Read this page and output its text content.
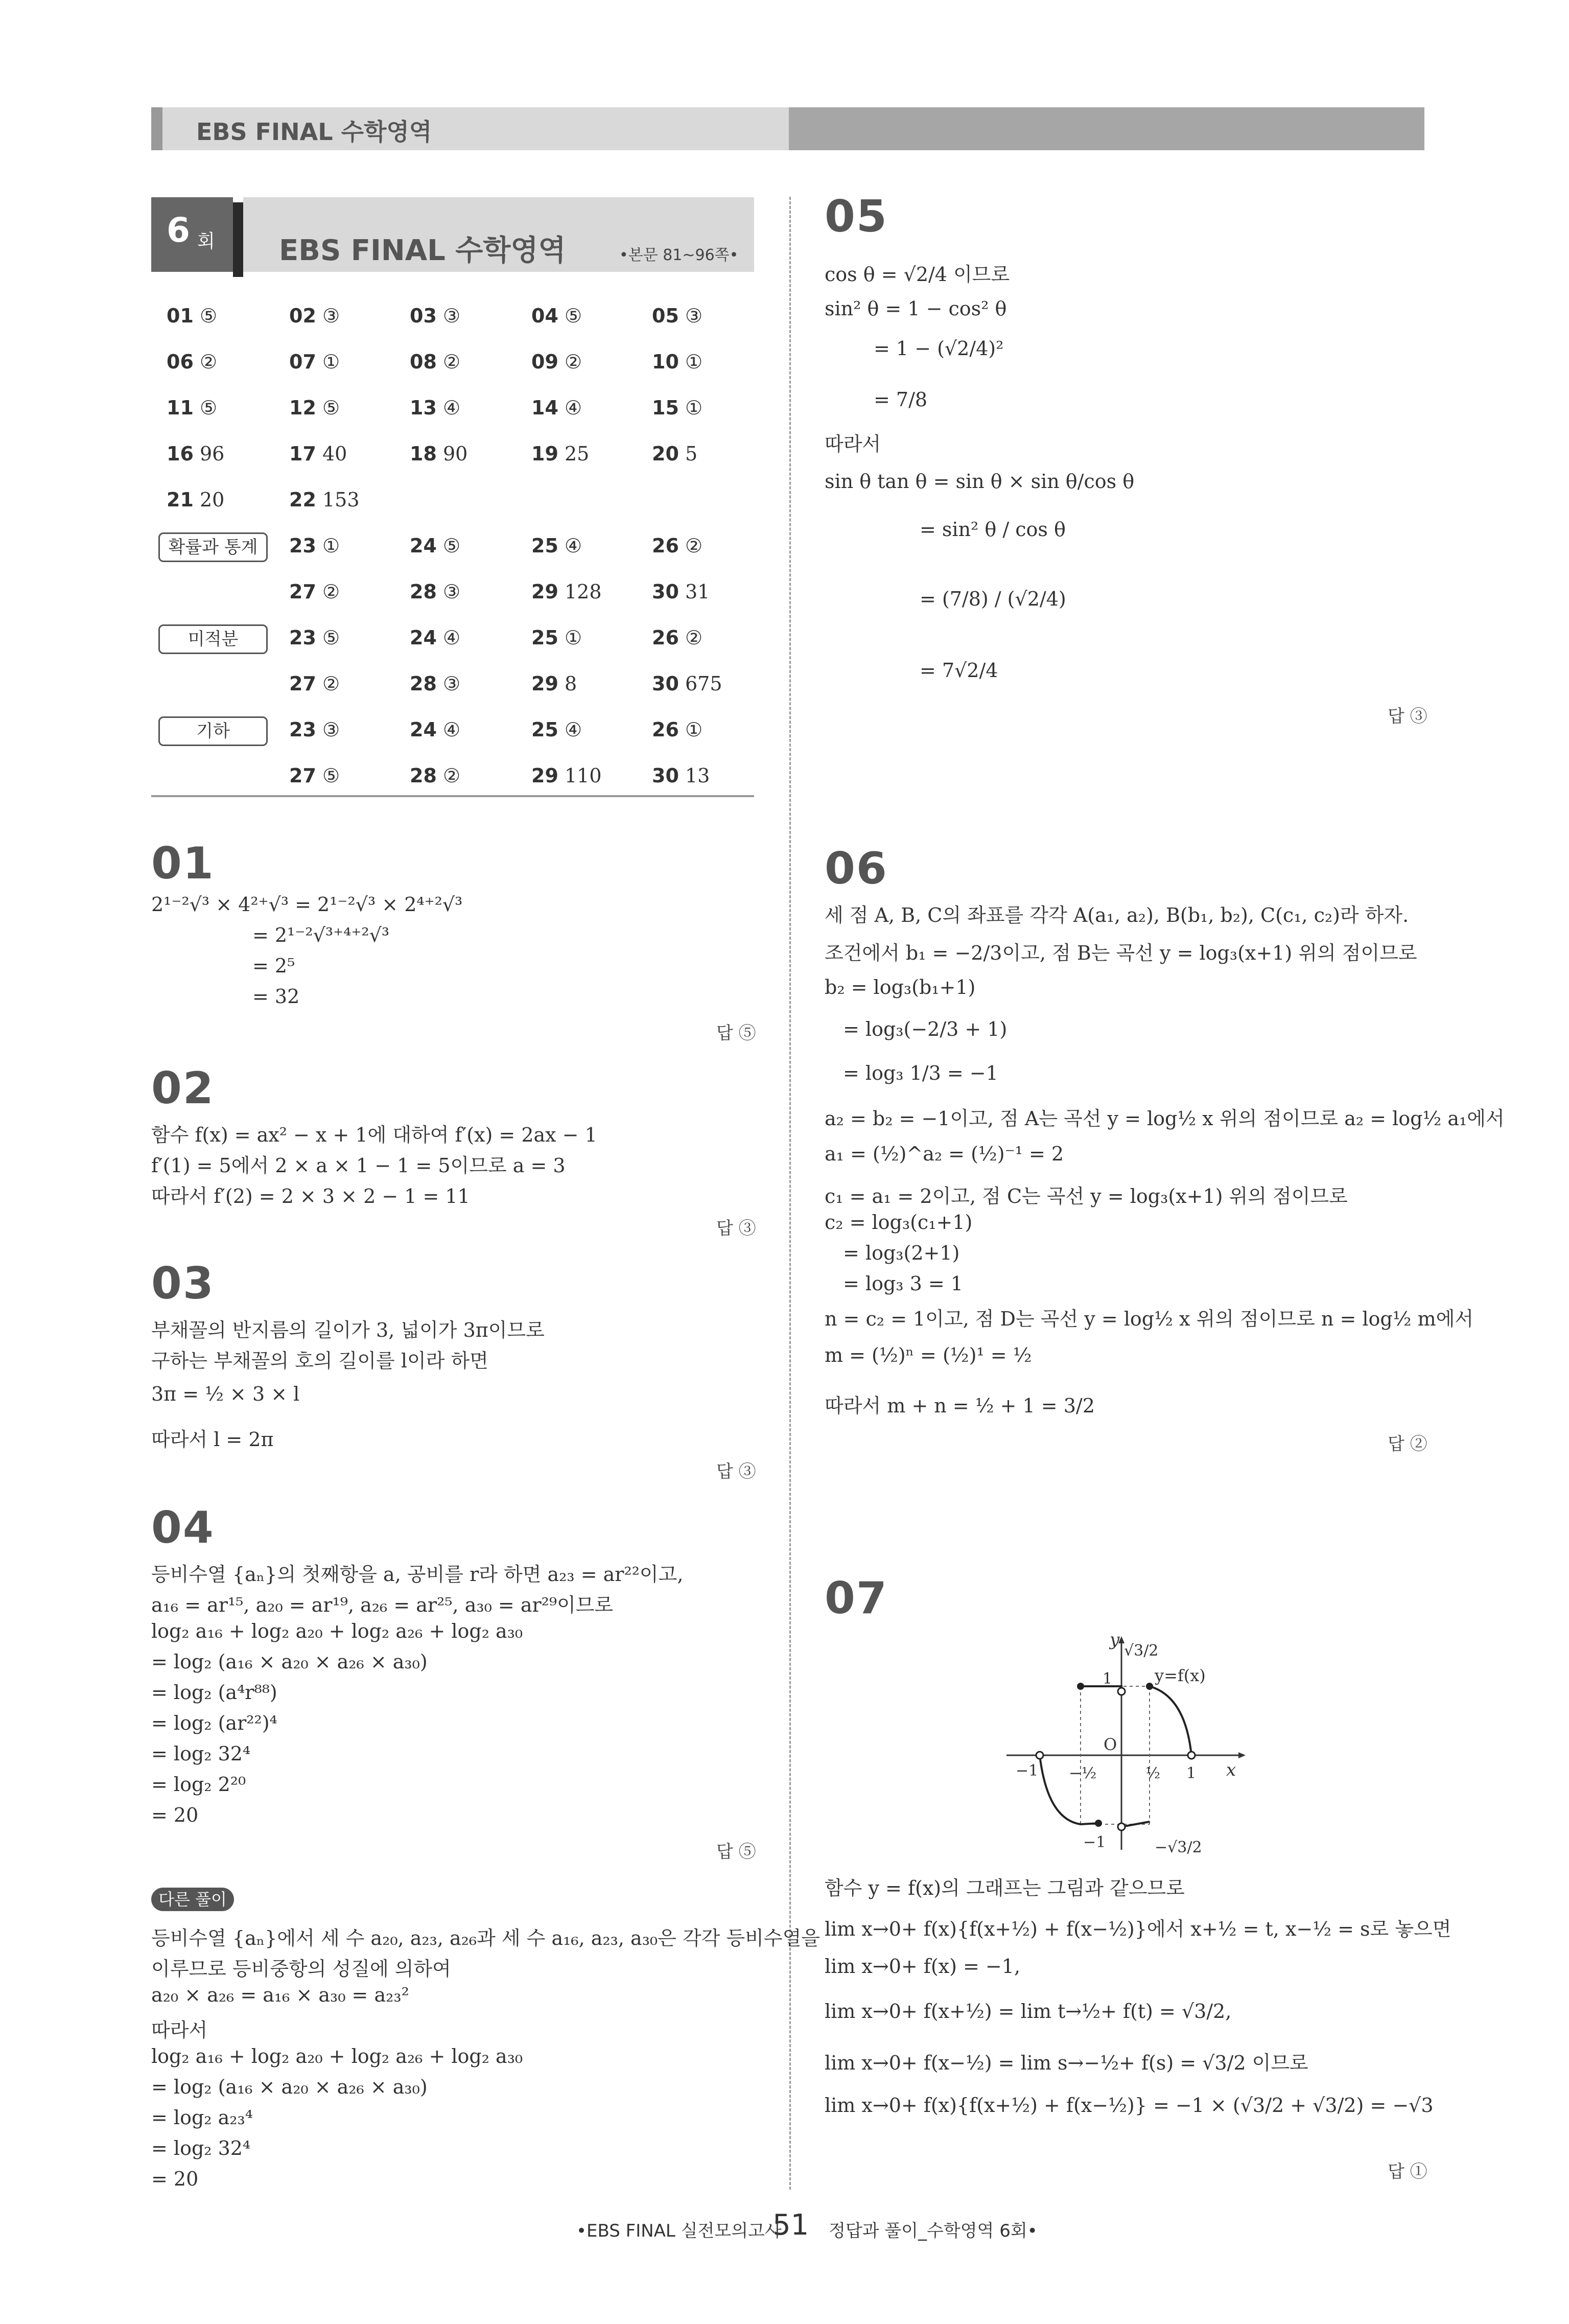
EBS FINAL 수학영역
6 회 EBS FINAL 수학영역	•본문 81~96쪽•
01 ⑤	02 ③	03 ③	04 ⑤	05 ③
06 ②	07 ①	08 ②	09 ②	10 ①
11 ⑤	12 ⑤	13 ④	14 ④	15 ①
16 96	17 40	18 90	19 25	20 5
21 20	22 153
확률과 통계	23 ①	24 ⑤	25 ④	26 ②
27 ②	28 ③	29 128	30 31
미적분	23 ⑤	24 ④	25 ①	26 ②
27 ②	28 ③	29 8	30 675
기하	23 ③	24 ④	25 ④	26 ①
27 ⑤	28 ②	29 110	30 13
01
2¹⁻²√³ × 4²⁺√³ = 2¹⁻²√³ × 2⁴⁺²√³
= 2¹⁻²√³⁺⁴⁺²√³
= 2⁵
= 32
답 ⑤
02
함수 f(x) = ax² − x + 1에 대하여 f′(x) = 2ax − 1
f′(1) = 5에서 2 × a × 1 − 1 = 5이므로 a = 3
따라서 f′(2) = 2 × 3 × 2 − 1 = 11
답 ③
03
부채꼴의 반지름의 길이가 3, 넓이가 3π이므로
구하는 부채꼴의 호의 길이를 l이라 하면
3π = ½ × 3 × l
따라서 l = 2π
답 ③
04
등비수열 {aₙ}의 첫째항을 a, 공비를 r라 하면 a₂₃ = ar²²이고,
a₁₆ = ar¹⁵, a₂₀ = ar¹⁹, a₂₆ = ar²⁵, a₃₀ = ar²⁹이므로
log₂ a₁₆ + log₂ a₂₀ + log₂ a₂₆ + log₂ a₃₀
= log₂ (a₁₆ × a₂₀ × a₂₆ × a₃₀)
= log₂ (a⁴r⁸⁸)
= log₂ (ar²²)⁴
= log₂ 32⁴
= log₂ 2²⁰
= 20
답 ⑤
다른 풀이
등비수열 {aₙ}에서 세 수 a₂₀, a₂₃, a₂₆과 세 수 a₁₆, a₂₃, a₃₀은 각각 등비수열을
이루므로 등비중항의 성질에 의하여
a₂₀ × a₂₆ = a₁₆ × a₃₀ = a₂₃²
따라서
log₂ a₁₆ + log₂ a₂₀ + log₂ a₂₆ + log₂ a₃₀
= log₂ (a₁₆ × a₂₀ × a₂₆ × a₃₀)
= log₂ a₂₃⁴
= log₂ 32⁴
= 20
05
cos θ = √2/4 이므로
sin² θ = 1 − cos² θ
= 1 − (√2/4)²
= 7/8
따라서
sin θ tan θ = sin θ × sin θ/cos θ
= sin² θ / cos θ
= (7/8) / (√2/4)
= 7√2/4
답 ③
06
세 점 A, B, C의 좌표를 각각 A(a₁, a₂), B(b₁, b₂), C(c₁, c₂)라 하자.
조건에서 b₁ = −2/3이고, 점 B는 곡선 y = log₃(x+1) 위의 점이므로
b₂ = log₃(b₁+1)
= log₃(−2/3 + 1)
= log₃ 1/3 = −1
a₂ = b₂ = −1이고, 점 A는 곡선 y = log½ x 위의 점이므로 a₂ = log½ a₁에서
a₁ = (½)^a₂ = (½)⁻¹ = 2
c₁ = a₁ = 2이고, 점 C는 곡선 y = log₃(x+1) 위의 점이므로
c₂ = log₃(c₁+1)
= log₃(2+1)
= log₃ 3 = 1
n = c₂ = 1이고, 점 D는 곡선 y = log½ x 위의 점이므로 n = log½ m에서
m = (½)ⁿ = (½)¹ = ½
따라서 m + n = ½ + 1 = 3/2
답 ②
07
y
x
O
y=f(x)
√3/2
1
−1 −½	½ 1
−1	−√3/2
함수 y = f(x)의 그래프는 그림과 같으므로
lim x→0+ f(x){f(x+½) + f(x−½)}에서 x+½ = t, x−½ = s로 놓으면
lim x→0+ f(x) = −1,
lim x→0+ f(x+½) = lim t→½+ f(t) = √3/2,
lim x→0+ f(x−½) = lim s→−½+ f(s) = √3/2 이므로
lim x→0+ f(x){f(x+½) + f(x−½)} = −1 × (√3/2 + √3/2) = −√3
답 ①
•EBS FINAL 실전모의고사
51 정답과 풀이_수학영역 6회•
